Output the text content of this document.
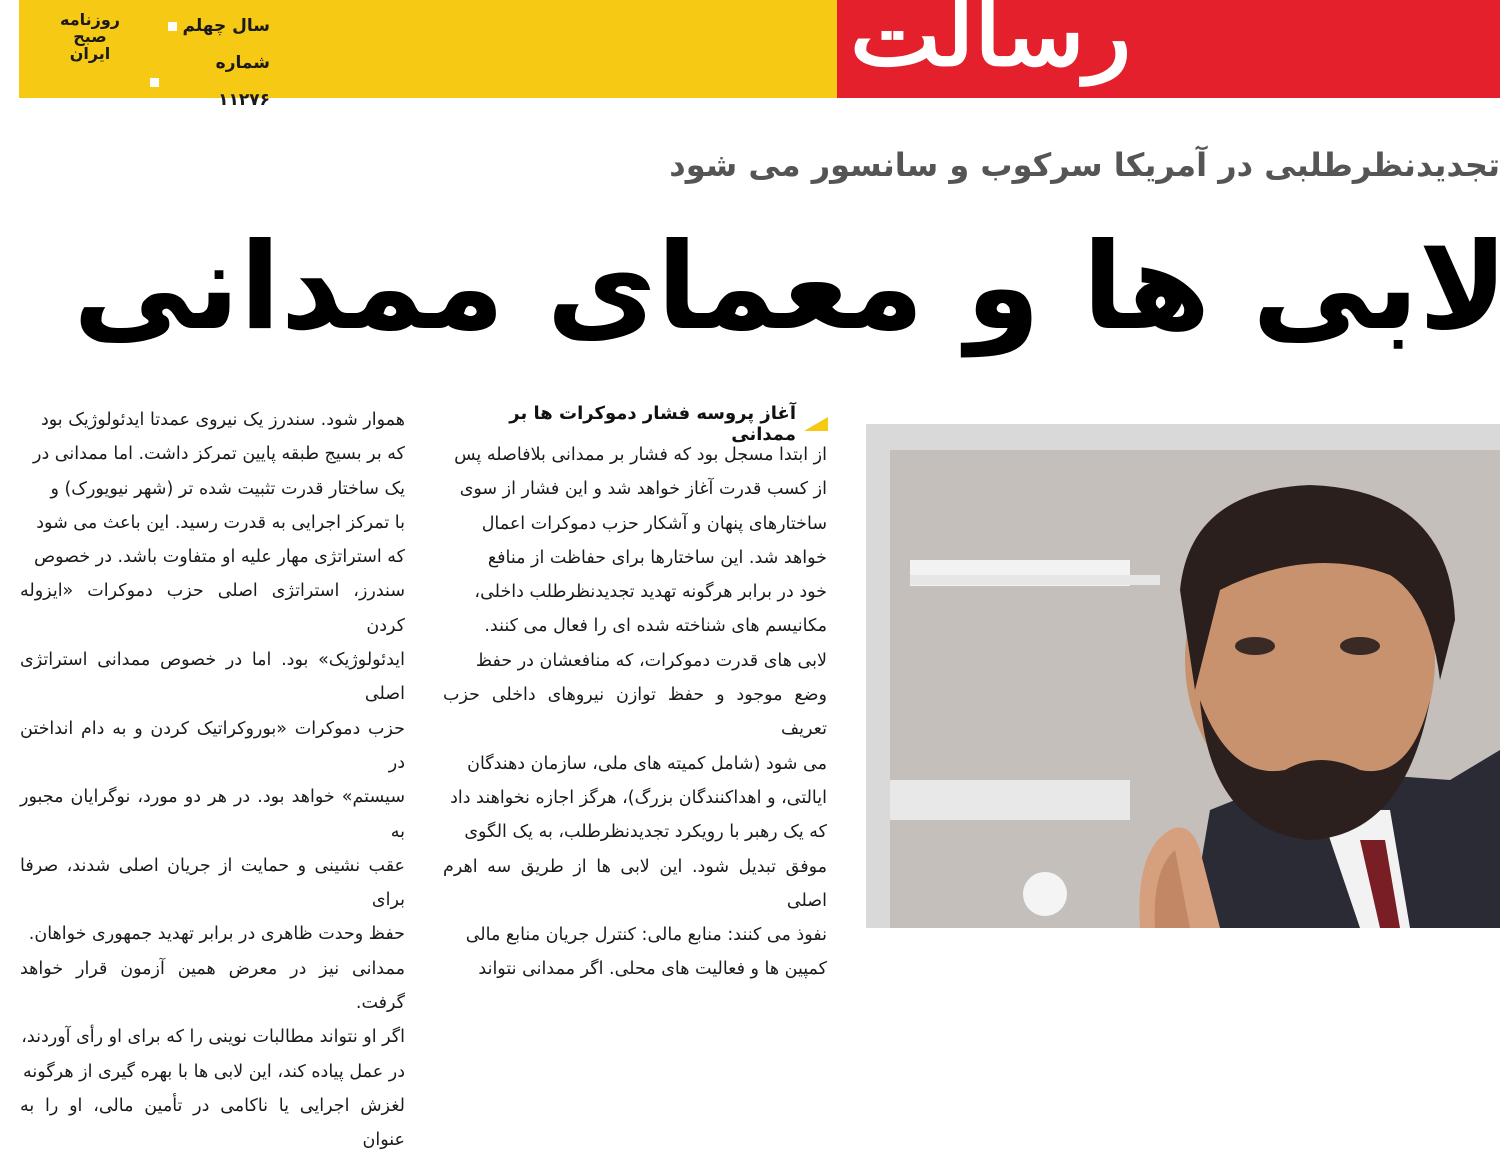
رسالت
سال چهلم
شماره ۱۱۲۷۶
روزنامه
صبح
ایران
تجدیدنظرطلبی در آمریکا سرکوب و سانسور می شود
لابی ها و معمای ممدانی
آغاز پروسه فشار دموکرات ها بر ممدانی
از ابتدا مسجل بود که فشار بر ممدانی بلافاصله پس
از کسب قدرت آغاز خواهد شد و این فشار از سوی
ساختارهای پنهان و آشکار حزب دموکرات اعمال
خواهد شد. این ساختارها برای حفاظت از منافع
خود در برابر هرگونه تهدید تجدیدنظرطلب داخلی،
مکانیسم های شناخته شده ای را فعال می کنند.
لابی های قدرت دموکرات، که منافعشان در حفظ
وضع موجود و حفظ توازن نیروهای داخلی حزب تعریف
می شود (شامل کمیته های ملی، سازمان دهندگان
ایالتی، و اهداکنندگان بزرگ)، هرگز اجازه نخواهند داد
که یک رهبر با رویکرد تجدیدنظرطلب، به یک الگوی
موفق تبدیل شود. این لابی ها از طریق سه اهرم اصلی
نفوذ می کنند: منابع مالی: کنترل جریان منابع مالی
کمپین ها و فعالیت های محلی. اگر ممدانی نتواند
هموار شود. سندرز یک نیروی عمدتا ایدئولوژیک بود
که بر بسیج طبقه پایین تمرکز داشت. اما ممدانی در
یک ساختار قدرت تثبیت شده تر (شهر نیویورک) و
با تمرکز اجرایی به قدرت رسید. این باعث می شود
که استراتژی مهار علیه او متفاوت باشد. در خصوص
سندرز، استراتژی اصلی حزب دموکرات «ایزوله کردن
ایدئولوژیک» بود. اما در خصوص ممدانی استراتژی اصلی
حزب دموکرات «بوروکراتیک کردن و به دام انداختن در
سیستم» خواهد بود. در هر دو مورد، نوگرایان مجبور به
عقب نشینی و حمایت از جریان اصلی شدند، صرفا برای
حفظ وحدت ظاهری در برابر تهدید جمهوری خواهان.
ممدانی نیز در معرض همین آزمون قرار خواهد گرفت.
اگر او نتواند مطالبات نوینی را که برای او رأی آوردند،
در عمل پیاده کند، این لابی ها با بهره گیری از هرگونه
لغزش اجرایی یا ناکامی در تأمین مالی، او را به عنوان
